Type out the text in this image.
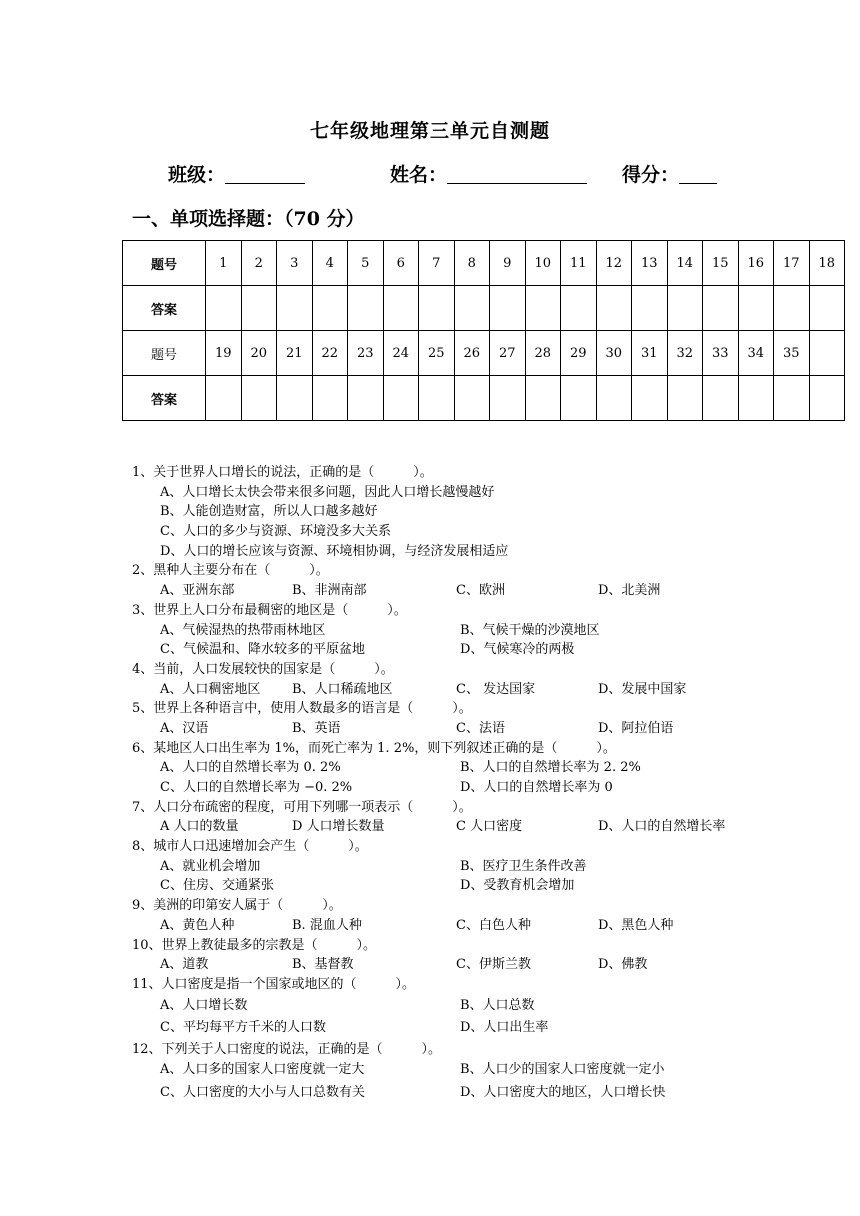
七年级地理第三单元自测题
班级：	姓名：	得分：
一、单项选择题：（70 分）
题号	1	2	3	4	5	6	7	8	9	10	11	12	13	14	15	16	17	18
答案																		
题号	19	20	21	22	23	24	25	26	27	28	29	30	31	32	33	34	35	
答案																		
1、关于世界人口增长的说法，正确的是（　　　）。
A、人口增长太快会带来很多问题，因此人口增长越慢越好
B、人能创造财富，所以人口越多越好
C、人口的多少与资源、环境没多大关系
D、人口的增长应该与资源、环境相协调，与经济发展相适应
2、黑种人主要分布在（　　　）。
A、亚洲东部	B、非洲南部	C、欧洲	D、北美洲
3、世界上人口分布最稠密的地区是（　　　）。
A、气候湿热的热带雨林地区	B、气候干燥的沙漠地区
C、气候温和、降水较多的平原盆地	D、气候寒冷的两极
4、当前，人口发展较快的国家是（　　　）。
A、人口稠密地区 B、人口稀疏地区	C、 发达国家	D、发展中国家
5、世界上各种语言中，使用人数最多的语言是（　　　）。
A、汉语	B、英语	C、法语	D、阿拉伯语
6、某地区人口出生率为 1%，而死亡率为 1. 2%，则下列叙述正确的是（　　　）。
A、人口的自然增长率为 0. 2%	B、人口的自然增长率为 2. 2%
C、人口的自然增长率为 −0. 2%	D、人口的自然增长率为 0
7、人口分布疏密的程度，可用下列哪一项表示（　　　）。
A 人口的数量	D 人口增长数量	C 人口密度	D、人口的自然增长率
8、城市人口迅速增加会产生（　　　）。
A、就业机会增加	B、医疗卫生条件改善
C、住房、交通紧张	D、受教育机会增加
9、美洲的印第安人属于（　　　）。
A、黄色人种	B. 混血人种	C、白色人种	D、黑色人种
10、世界上教徒最多的宗教是（　　　）。
A、道教	B、基督教	C、伊斯兰教	D、佛教
11、人口密度是指一个国家或地区的（　　　）。
A、人口增长数	B、人口总数
C、平均每平方千米的人口数	D、人口出生率
12、下列关于人口密度的说法，正确的是（　　　）。
A、人口多的国家人口密度就一定大	B、人口少的国家人口密度就一定小
C、人口密度的大小与人口总数有关	D、人口密度大的地区，人口增长快
